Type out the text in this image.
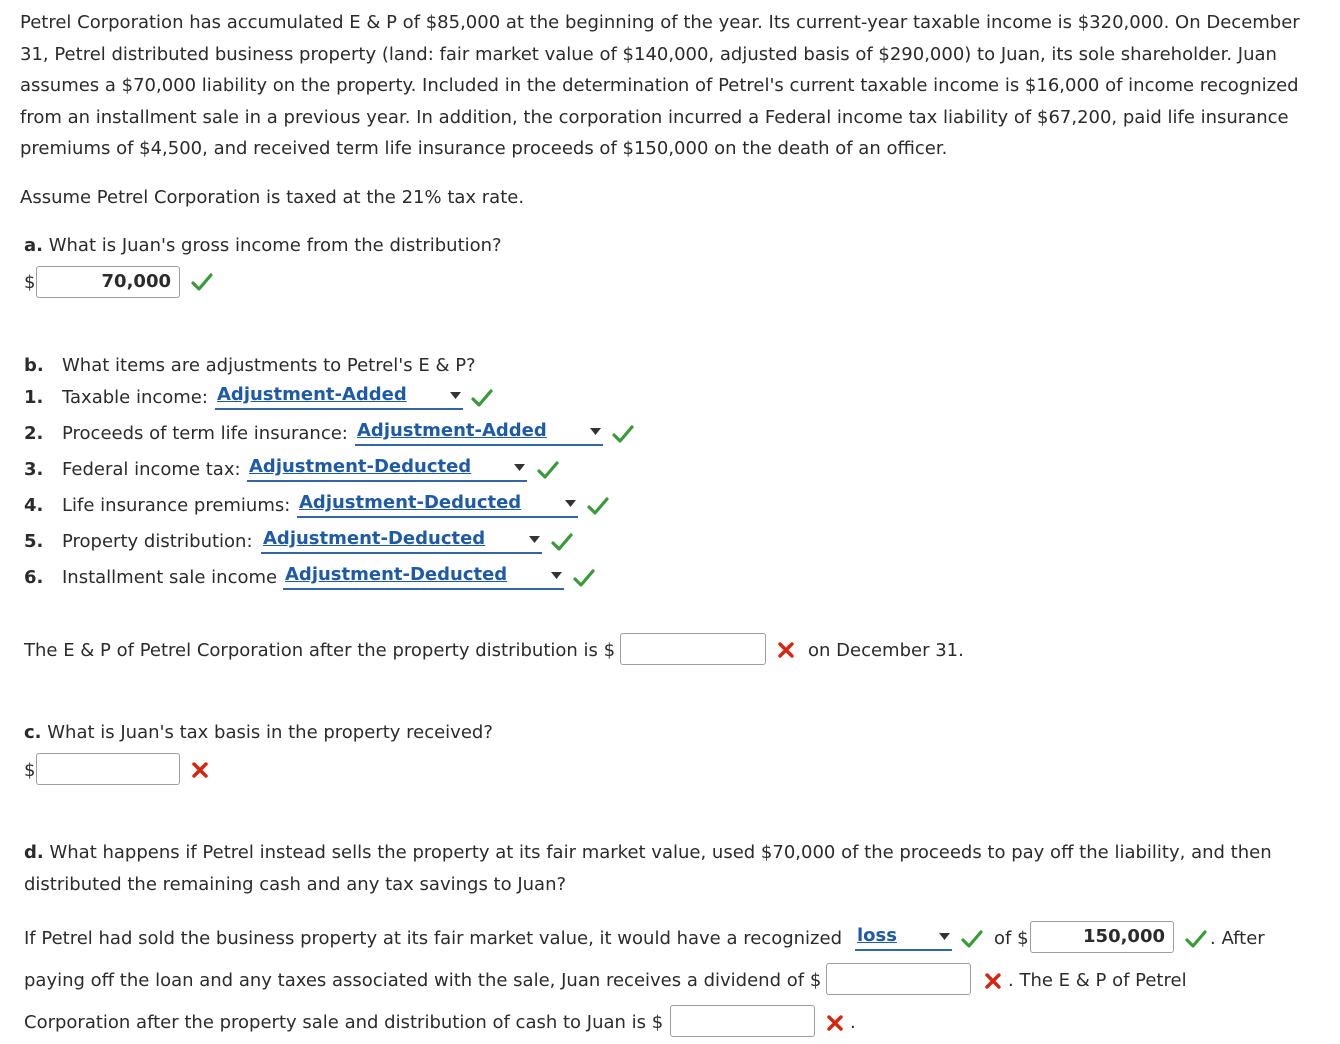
Petrel Corporation has accumulated E & P of $85,000 at the beginning of the year. Its current-year taxable income is $320,000. On December 31, Petrel distributed business property (land: fair market value of $140,000, adjusted basis of $290,000) to Juan, its sole shareholder. Juan assumes a $70,000 liability on the property. Included in the determination of Petrel's current taxable income is $16,000 of income recognized from an installment sale in a previous year. In addition, the corporation incurred a Federal income tax liability of $67,200, paid life insurance premiums of $4,500, and received term life insurance proceeds of $150,000 on the death of an officer.

Assume Petrel Corporation is taxed at the 21% tax rate.
a. What is Juan's gross income from the distribution?
$	70,000
b. What items are adjustments to Petrel's E & P?
1. Taxable income: Adjustment-Added
2. Proceeds of term life insurance: Adjustment-Added
3. Federal income tax: Adjustment-Deducted
4. Life insurance premiums: Adjustment-Deducted
5. Property distribution: Adjustment-Deducted
6. Installment sale income Adjustment-Deducted
The E & P of Petrel Corporation after the property distribution is $	on December 31.
c. What is Juan's tax basis in the property received?
$
d. What happens if Petrel instead sells the property at its fair market value, used $70,000 of the proceeds to pay off the liability, and then
distributed the remaining cash and any tax savings to Juan?
If Petrel had sold the business property at its fair market value, it would have a recognized loss	of $	150,000	. After
paying off the loan and any taxes associated with the sale, Juan receives a dividend of $	. The E & P of Petrel
Corporation after the property sale and distribution of cash to Juan is $	.
